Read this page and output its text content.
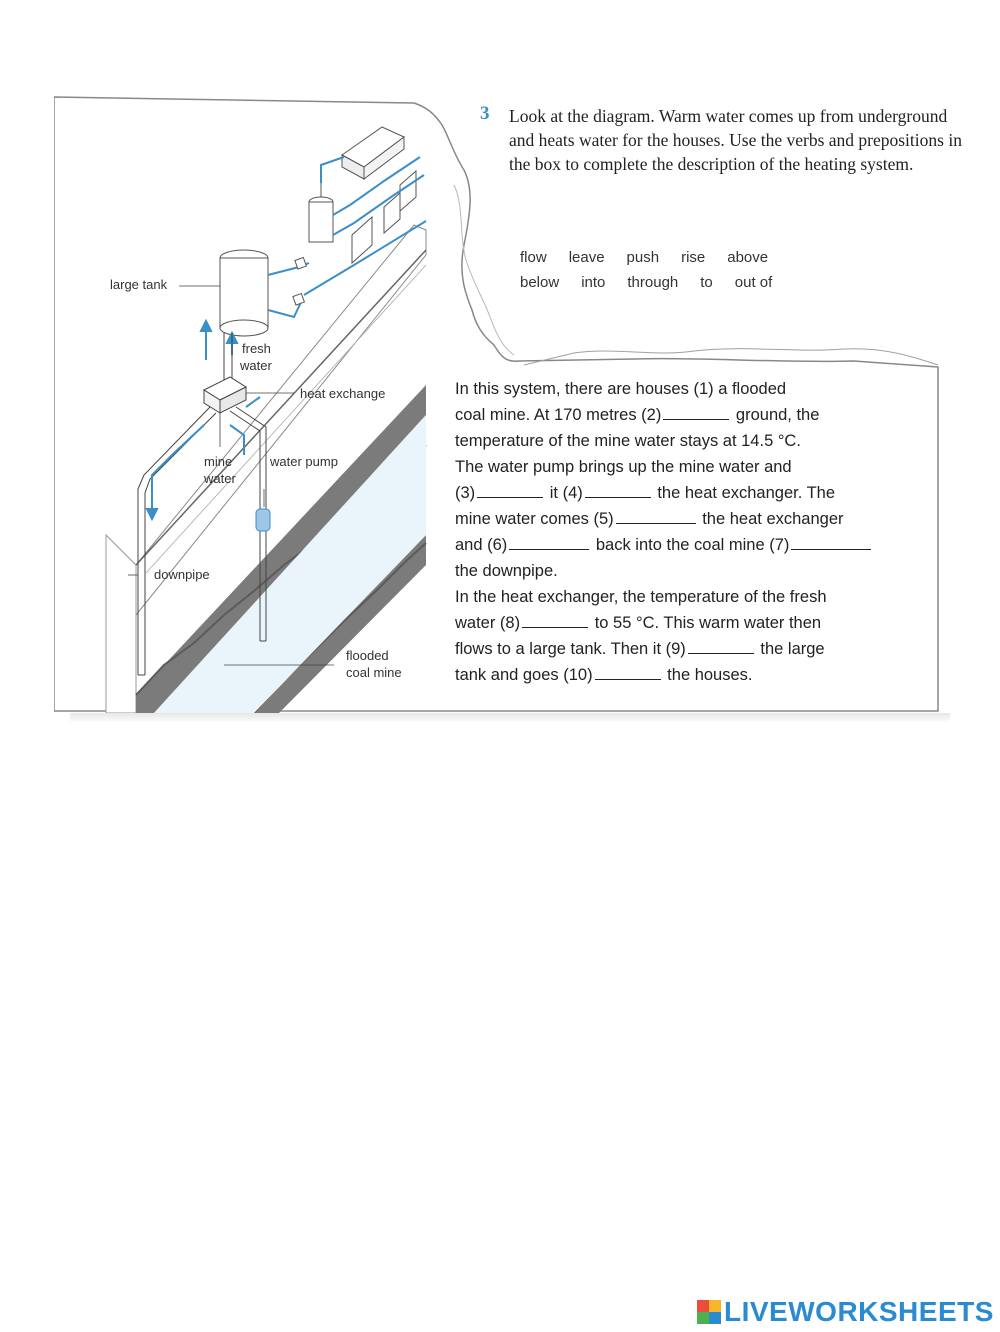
large tank
fresh
water
heat exchange
mine
water
water pump
downpipe
flooded
coal mine
3 Look at the diagram. Warm water comes up from underground and heats water for the houses. Use the verbs and prepositions in the box to complete the description of the heating system.
flow leave push rise above
below into through to out of

In this system, there are houses (1) a flooded

coal mine. At 170 metres (2)	ground, the

temperature of the mine water stays at 14.5 °C.

The water pump brings up the mine water and

(3)	it (4)	the heat exchanger. The

mine water comes (5)	the heat exchanger

and (6)	back into the coal mine (7)

the downpipe.

In the heat exchanger, the temperature of the fresh

water (8)	to 55 °C. This warm water then

flows to a large tank. Then it (9)	the large

tank and goes (10)	the houses.

LIVEWORKSHEETS
